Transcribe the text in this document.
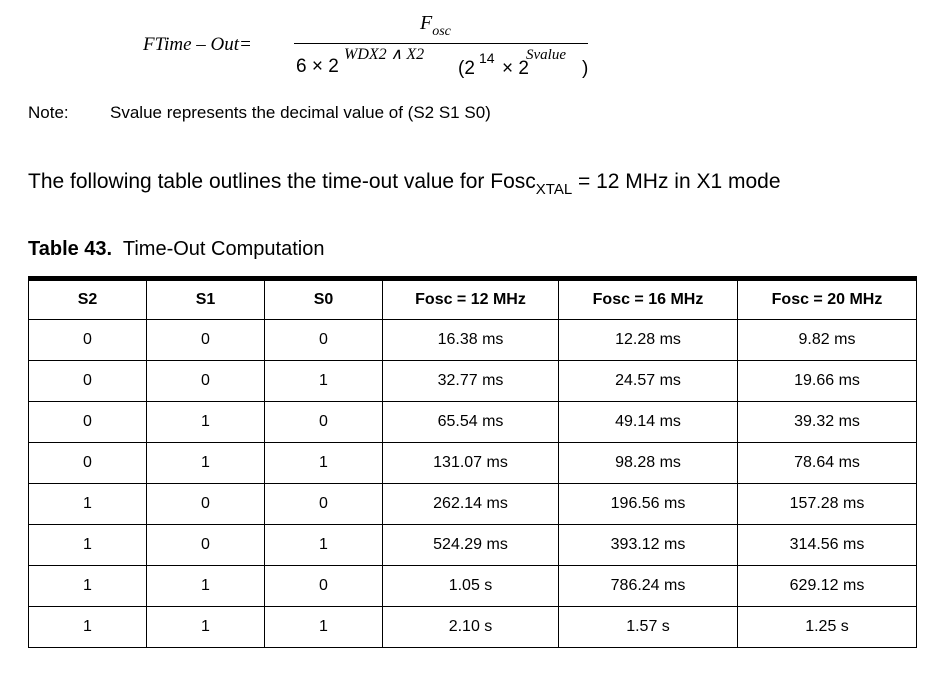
FTime – Out=
$F_{osc}$
6 × 2
WDX2 ∧ X2
(2 14 × 2
Svalue
)
Note: Svalue represents the decimal value of (S2 S1 S0)
The following table outlines the time-out value for Fosc$_{XTAL}$ = 12 MHz in X1 mode
Table 43. Time-Out Computation
S2	S1	S0	Fosc = 12 MHz	Fosc = 16 MHz	Fosc = 20 MHz
0	0	0	16.38 ms	12.28 ms	9.82 ms
0	0	1	32.77 ms	24.57 ms	19.66 ms
0	1	0	65.54 ms	49.14 ms	39.32 ms
0	1	1	131.07 ms	98.28 ms	78.64 ms
1	0	0	262.14 ms	196.56 ms	157.28 ms
1	0	1	524.29 ms	393.12 ms	314.56 ms
1	1	0	1.05 s	786.24 ms	629.12 ms
1	1	1	2.10 s	1.57 s	1.25 s
